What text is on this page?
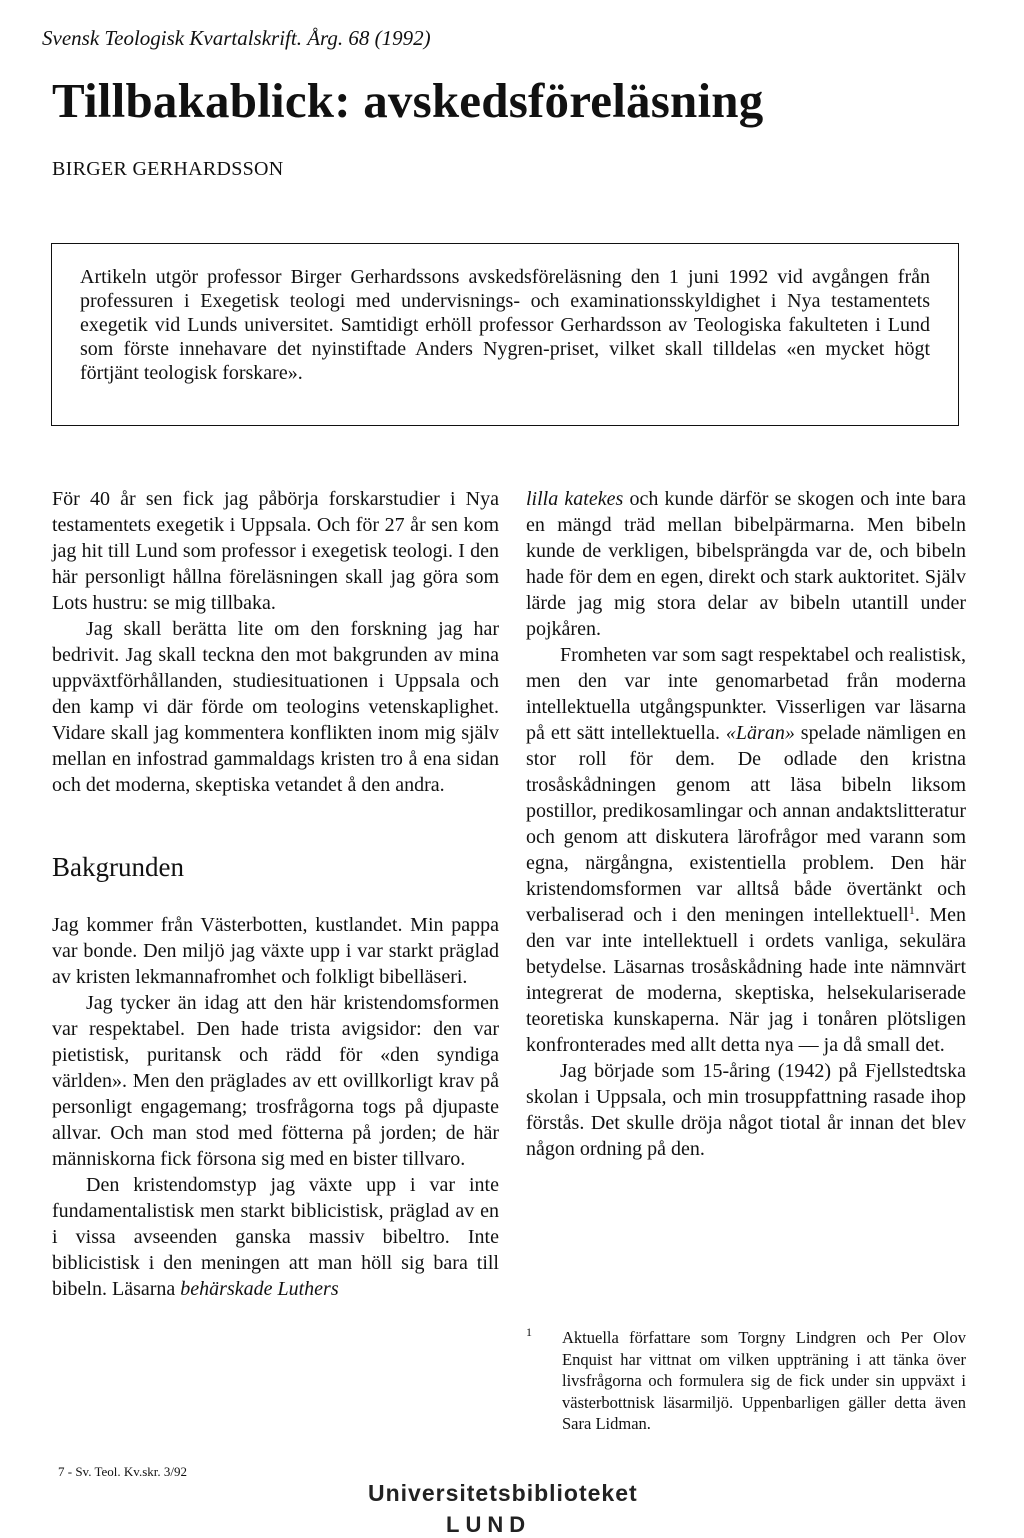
Svensk Teologisk Kvartalskrift. Årg. 68 (1992)
Tillbakablick: avskedsföreläsning
BIRGER GERHARDSSON

Artikeln utgör professor Birger Gerhardssons avskedsföreläsning den 1 juni 1992 vid avgången från professuren i Exegetisk teologi med undervisnings- och examinationsskyldighet i Nya testamentets exegetik vid Lunds universitet. Samtidigt erhöll professor Gerhardsson av Teologiska fakulteten i Lund som förste innehavare det nyinstiftade Anders Nygren-priset, vilket skall tilldelas «en mycket högt förtjänt teologisk forskare».

För 40 år sen fick jag påbörja forskarstudier i Nya testamentets exegetik i Uppsala. Och för 27 år sen kom jag hit till Lund som professor i exegetisk teologi. I den här personligt hållna föreläsningen skall jag göra som Lots hustru: se mig tillbaka.

Jag skall berätta lite om den forskning jag har bedrivit. Jag skall teckna den mot bakgrunden av mina uppväxtförhållanden, studiesituationen i Uppsala och den kamp vi där förde om teologins vetenskaplighet. Vidare skall jag kommentera konflikten inom mig själv mellan en infostrad gammaldags kristen tro å ena sidan och det moderna, skeptiska vetandet å den andra.

Bakgrunden

Jag kommer från Västerbotten, kustlandet. Min pappa var bonde. Den miljö jag växte upp i var starkt präglad av kristen lekmannafromhet och folkligt bibelläseri.

Jag tycker än idag att den här kristendomsformen var respektabel. Den hade trista avigsidor: den var pietistisk, puritansk och rädd för «den syndiga världen». Men den präglades av ett ovillkorligt krav på personligt engagemang; trosfrågorna togs på djupaste allvar. Och man stod med fötterna på jorden; de här människorna fick försona sig med en bister tillvaro.

Den kristendomstyp jag växte upp i var inte fundamentalistisk men starkt biblicistisk, präglad av en i vissa avseenden ganska massiv bibeltro. Inte biblicistisk i den meningen att man höll sig bara till bibeln. Läsarna behärskade Luthers

lilla katekes och kunde därför se skogen och inte bara en mängd träd mellan bibelpärmarna. Men bibeln kunde de verkligen, bibelsprängda var de, och bibeln hade för dem en egen, direkt och stark auktoritet. Själv lärde jag mig stora delar av bibeln utantill under pojkåren.

Fromheten var som sagt respektabel och realistisk, men den var inte genomarbetad från moderna intellektuella utgångspunkter. Visserligen var läsarna på ett sätt intellektuella. «Läran» spelade nämligen en stor roll för dem. De odlade den kristna trosåskådningen genom att läsa bibeln liksom postillor, predikosamlingar och annan andaktslitteratur och genom att diskutera lärofrågor med varann som egna, närgångna, existentiella problem. Den här kristendomsformen var alltså både övertänkt och verbaliserad och i den meningen intellektuell$^1$. Men den var inte intellektuell i ordets vanliga, sekulära betydelse. Läsarnas trosåskådning hade inte nämnvärt integrerat de moderna, skeptiska, helsekulariserade teoretiska kunskaperna. När jag i tonåren plötsligen konfronterades med allt detta nya — ja då small det.

Jag började som 15-åring (1942) på Fjellstedtska skolan i Uppsala, och min trosuppfattning rasade ihop förstås. Det skulle dröja något tiotal år innan det blev någon ordning på den.

1 Aktuella författare som Torgny Lindgren och Per Olov Enquist har vittnat om vilken uppträning i att tänka över livsfrågorna och formulera sig de fick under sin uppväxt i västerbottnisk läsarmiljö. Uppenbarligen gäller detta även Sara Lidman.
7 - Sv. Teol. Kv.skr. 3/92
Universitetsbiblioteket
LUND
